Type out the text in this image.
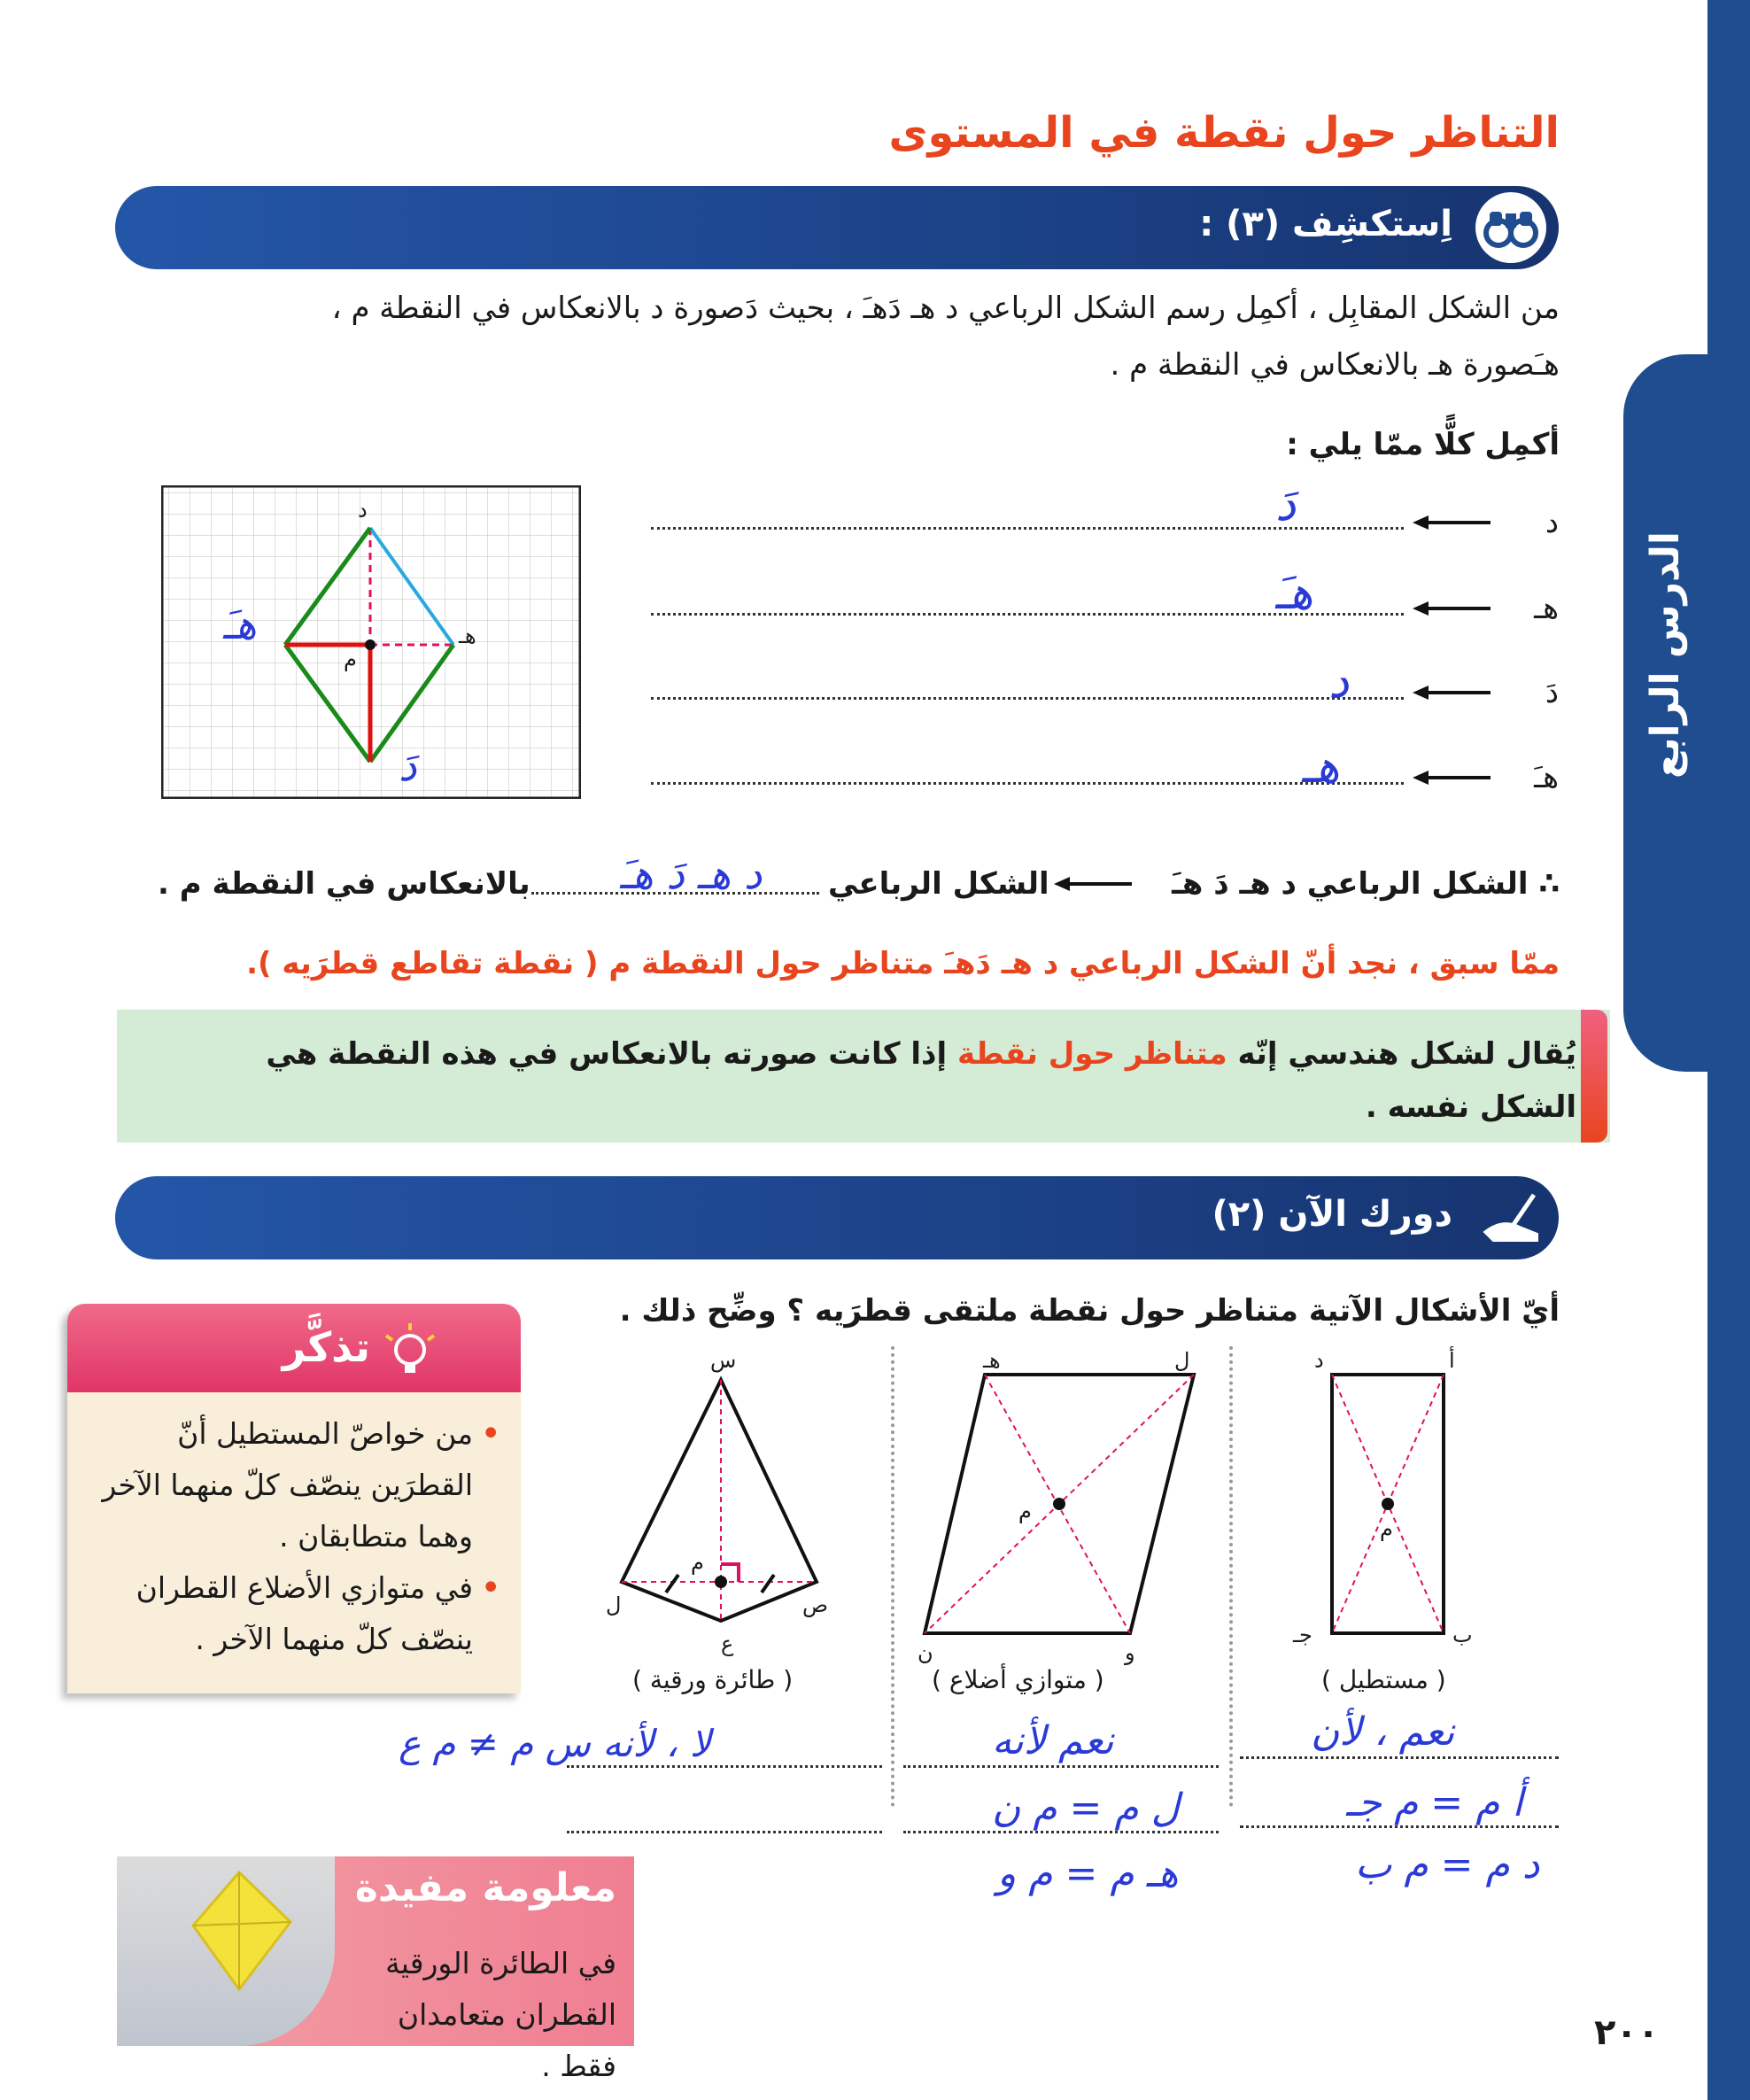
الدرس الرابع
التناظر حول نقطة في المستوى
اِستكشِف (٣) :
من الشكل المقابِل ، أكمِل رسم الشكل الرباعي د هـ دَهـَ ، بحيث دَصورة د بالانعكاس في النقطة م ،
هـَصورة هـ بالانعكاس في النقطة م .
أكمِل كلًّا ممّا يلي :
د
دَ
هـ
هـَ
دَ
د
هـَ
هـ
د
هـ
م
هـَ
دَ
∴ الشكل الرباعي د هـ دَ هـَ
الشكل الرباعي
د هـ دَ هـَ
بالانعكاس في النقطة م .
ممّا سبق ، نجد أنّ الشكل الرباعي د هـ دَهـَ متناظر حول النقطة م ( نقطة تقاطع قطرَيه ).
يُقال لشكل هندسي إنّه متناظر حول نقطة إذا كانت صورته بالانعكاس في هذه النقطة هي الشكل نفسه .
دورك الآن (٢)
أيّ الأشكال الآتية متناظر حول نقطة ملتقى قطرَيه ؟ وضِّح ذلك .
أ
د
ب
جـ
م
( مستطيل )
ل
هـ
و
ن
م
( متوازي أضلاع )
س
ص
ع
ل
م
( طائرة ورقية )
نعم ، لأن
أ م = م جـ
د م = م ب
نعم لأنه
ل م = م ن
هـ م = م و
لا ، لأنه س م ≠ م ع
تذكَّر
• من خواصّ المستطيل أنّ القطرَين ينصّف كلّ منهما الآخر وهما متطابقان .
• في متوازي الأضلاع القطران ينصّف كلّ منهما الآخر .
معلومة مفيدة
في الطائرة الورقية القطران متعامدان فقط .
٢٠٠
